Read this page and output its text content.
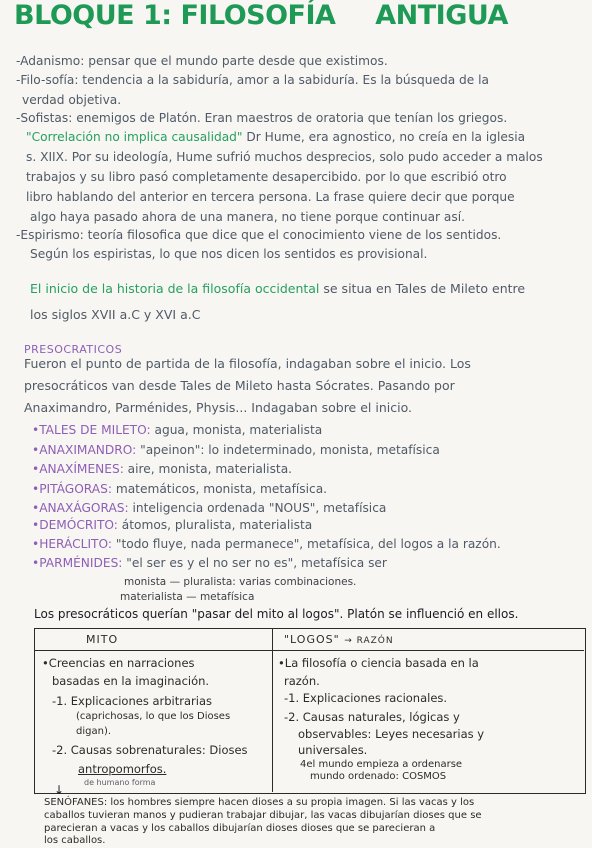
BLOQUE 1: FILOSOFÍA ANTIGUA
-Adanismo: pensar que el mundo parte desde que existimos.
-Filo-sofía: tendencia a la sabiduría, amor a la sabiduría. Es la búsqueda de la
verdad objetiva.
-Sofistas: enemigos de Platón. Eran maestros de oratoria que tenían los griegos.
"Correlación no implica causalidad" Dr Hume, era agnostico, no creía en la iglesia
s. XIIX. Por su ideología, Hume sufrió muchos desprecios, solo pudo acceder a malos
trabajos y su libro pasó completamente desapercibido. por lo que escribió otro
libro hablando del anterior en tercera persona. La frase quiere decir que porque
algo haya pasado ahora de una manera, no tiene porque continuar así.
-Espirismo: teoría filosofica que dice que el conocimiento viene de los sentidos.
Según los espiristas, lo que nos dicen los sentidos es provisional.
El inicio de la historia de la filosofía occidental se situa en Tales de Mileto entre
los siglos XVII a.C y XVI a.C
PRESOCRATICOS
Fueron el punto de partida de la filosofía, indagaban sobre el inicio. Los
presocráticos van desde Tales de Mileto hasta Sócrates. Pasando por
Anaximandro, Parménides, Physis... Indagaban sobre el inicio.
•TALES DE MILETO: agua, monista, materialista
•ANAXIMANDRO: "apeinon": lo indeterminado, monista, metafísica
•ANAXÍMENES: aire, monista, materialista.
•PITÁGORAS: matemáticos, monista, metafísica.
•ANAXÁGORAS: inteligencia ordenada "NOUS", metafísica
•DEMÓCRITO: átomos, pluralista, materialista
•HERÁCLITO: "todo fluye, nada permanece", metafísica, del logos a la razón.
•PARMÉNIDES: "el ser es y el no ser no es", metafísica ser
monista — pluralista: varias combinaciones.
materialista — metafísica
Los presocráticos querían "pasar del mito al logos". Platón se influenció en ellos.
MITO	"LOGOS" → RAZÓN
•Creencias en narraciones
basadas en la imaginación.
-1. Explicaciones arbitrarias
(caprichosas, lo que los Dioses
digan).
-2. Causas sobrenaturales: Dioses
antropomorfos.
de humano forma
•La filosofía o ciencia basada en la
razón.
-1. Explicaciones racionales.
-2. Causas naturales, lógicas y
observables: Leyes necesarias y
universales.
4el mundo empieza a ordenarse
mundo ordenado: COSMOS
↓
SENÓFANES: los hombres siempre hacen dioses a su propia imagen. Si las vacas y los
caballos tuvieran manos y pudieran trabajar dibujar, las vacas dibujarían dioses que se
parecieran a vacas y los caballos dibujarían dioses dioses que se parecieran a
los caballos.
